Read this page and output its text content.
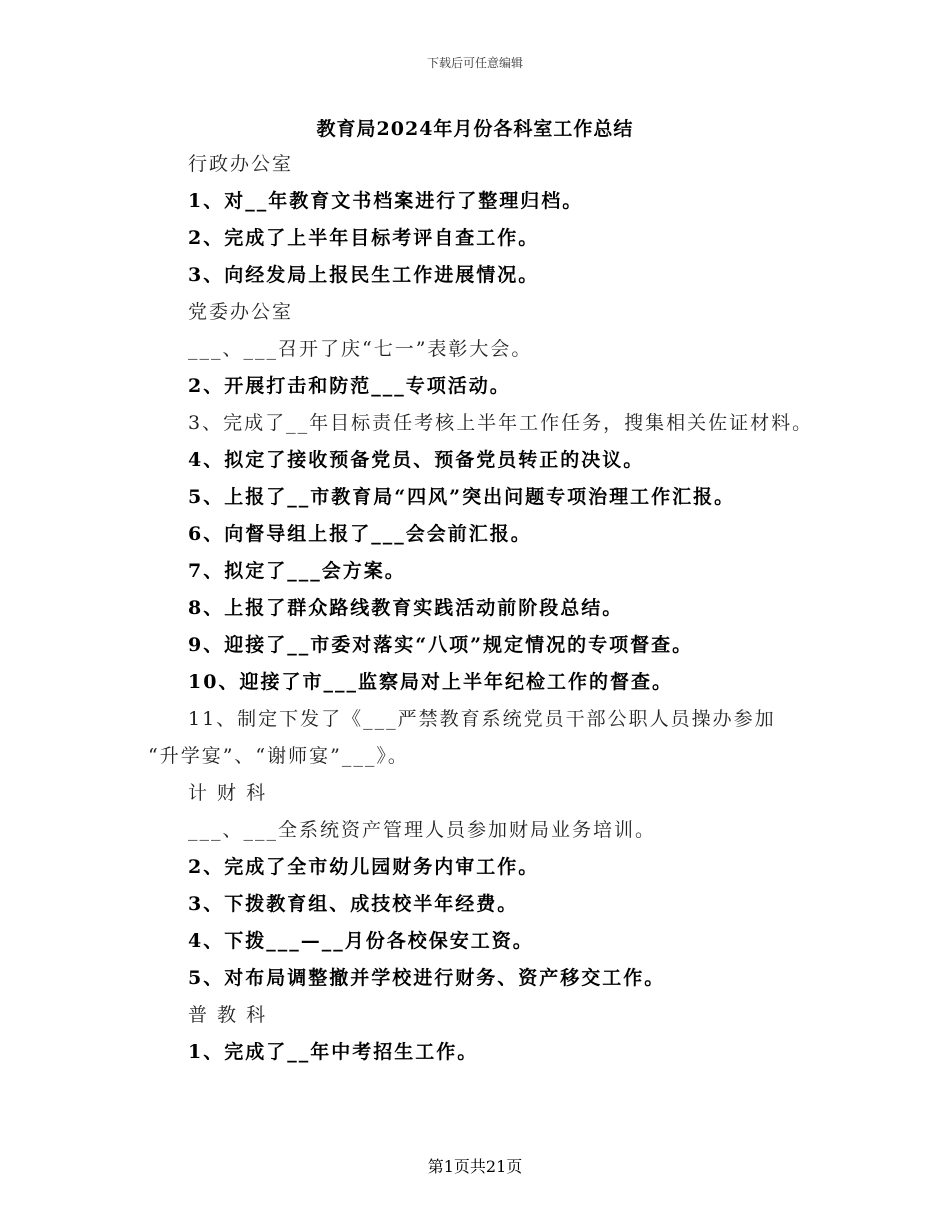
下载后可任意编辑
教育局2024年月份各科室工作总结
行政办公室
1、对__年教育文书档案进行了整理归档。
2、完成了上半年目标考评自查工作。
3、向经发局上报民生工作进展情况。
党委办公室
___、___召开了庆“七一”表彰大会。
2、开展打击和防范___专项活动。
3、完成了__年目标责任考核上半年工作任务，搜集相关佐证材料。
4、拟定了接收预备党员、预备党员转正的决议。
5、上报了__市教育局“四风”突出问题专项治理工作汇报。
6、向督导组上报了___会会前汇报。
7、拟定了___会方案。
8、上报了群众路线教育实践活动前阶段总结。
9、迎接了__市委对落实“八项”规定情况的专项督查。
10、迎接了市___监察局对上半年纪检工作的督查。
11、制定下发了《___严禁教育系统党员干部公职人员操办参加
“升学宴”、“谢师宴”___》。
计 财 科
___、___全系统资产管理人员参加财局业务培训。
2、完成了全市幼儿园财务内审工作。
3、下拨教育组、成技校半年经费。
4、下拨___—__月份各校保安工资。
5、对布局调整撤并学校进行财务、资产移交工作。
普 教 科
1、完成了__年中考招生工作。
第1页共21页
